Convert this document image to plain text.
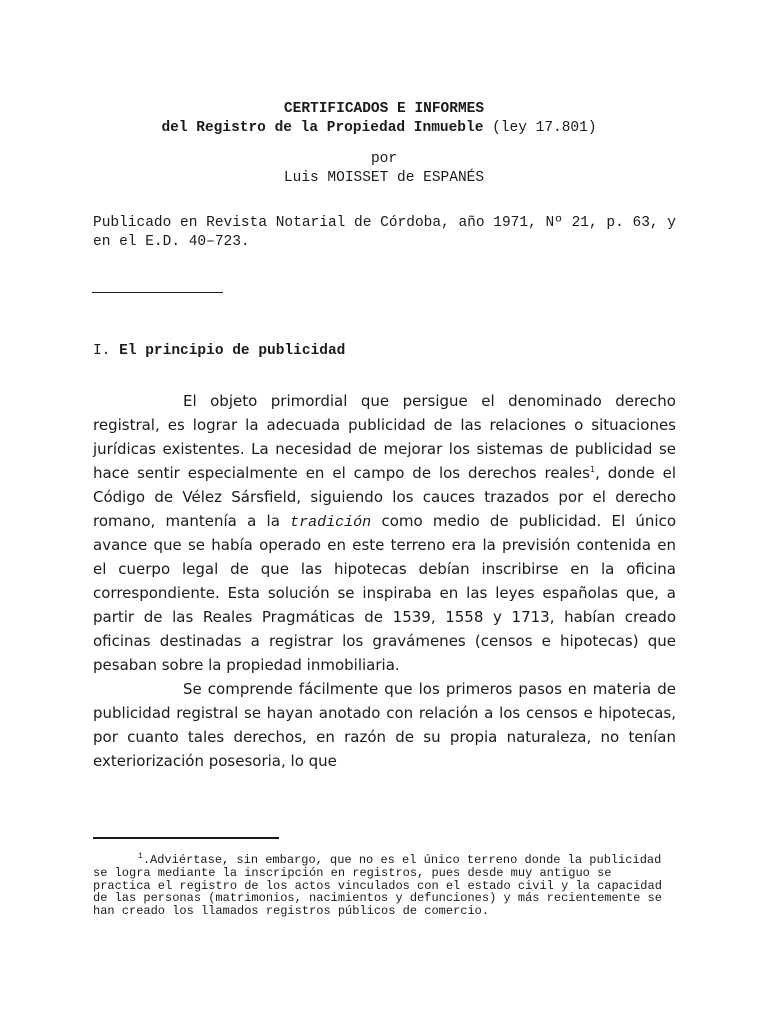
CERTIFICADOS E INFORMES
del Registro de la Propiedad Inmueble (ley 17.801)
por
Luis MOISSET de ESPANÉS
Publicado en Revista Notarial de Córdoba, año 1971, Nº 21, p. 63, y en el E.D. 40–723.
I. El principio de publicidad

El objeto primordial que persigue el denominado derecho registral, es lograr la adecuada publicidad de las relaciones o situaciones jurídicas existentes. La necesidad de mejorar los sistemas de publicidad se hace sentir especialmente en el campo de los derechos reales$^1$, donde el Código de Vélez Sársfield, siguiendo los cauces trazados por el derecho romano, mantenía a la tradición como medio de publicidad. El único avance que se había operado en este terreno era la previsión contenida en el cuerpo legal de que las hipotecas debían inscribirse en la oficina correspondiente. Esta solución se inspiraba en las leyes españolas que, a partir de las Reales Pragmáticas de 1539, 1558 y 1713, habían creado oficinas destinadas a registrar los gravámenes (censos e hipotecas) que pesaban sobre la propiedad inmobiliaria.

Se comprende fácilmente que los primeros pasos en materia de publicidad registral se hayan anotado con relación a los censos e hipotecas, por cuanto tales derechos, en razón de su propia naturaleza, no tenían exteriorización posesoria, lo que

$^1$.Adviértase, sin embargo, que no es el único terreno donde la publicidad se logra mediante la inscripción en registros, pues desde muy antiguo se practica el registro de los actos vinculados con el estado civil y la capacidad de las personas (matrimonios, nacimientos y defunciones) y más recientemente se han creado los llamados registros públicos de comercio.
